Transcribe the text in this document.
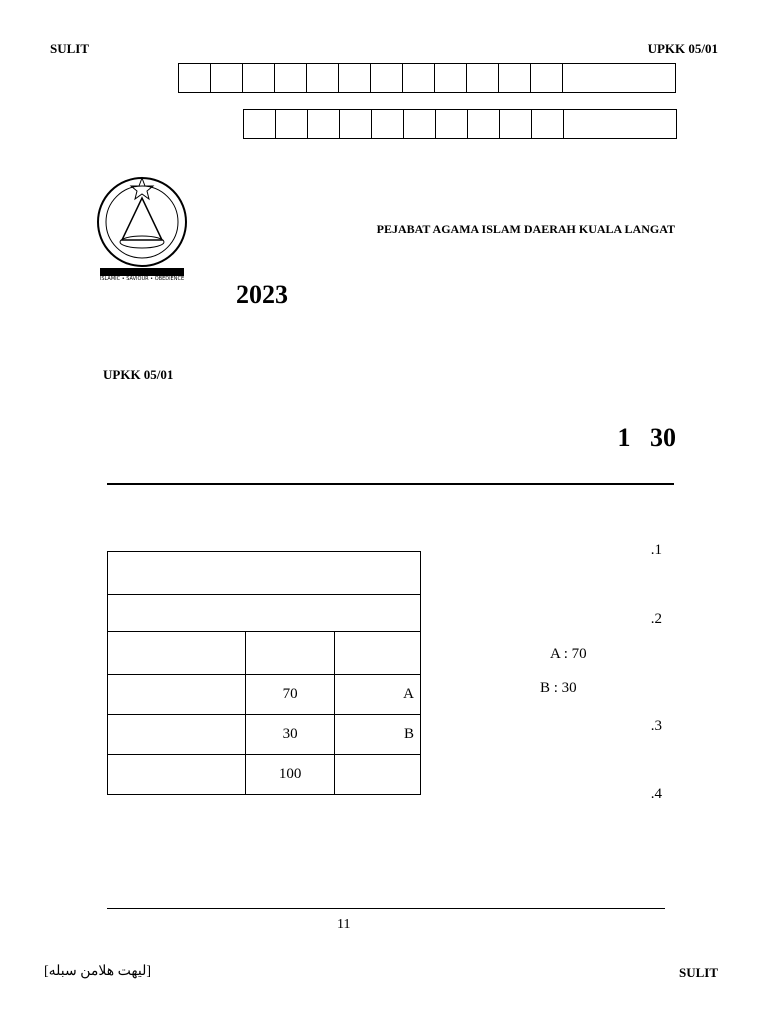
SULIT	UPKK 05/01

ISLAMIC • SAVIOUR • OBEDIENCE
PEJABAT AGAMA ISLAM DAERAH KUALA LANGAT
2023
UPKK 05/01
1 30

	70	A
	30	B
	100	
1.
2.
A : 70
B : 30
3.
4.
11
[ليهت هلامن سبله]	SULIT
